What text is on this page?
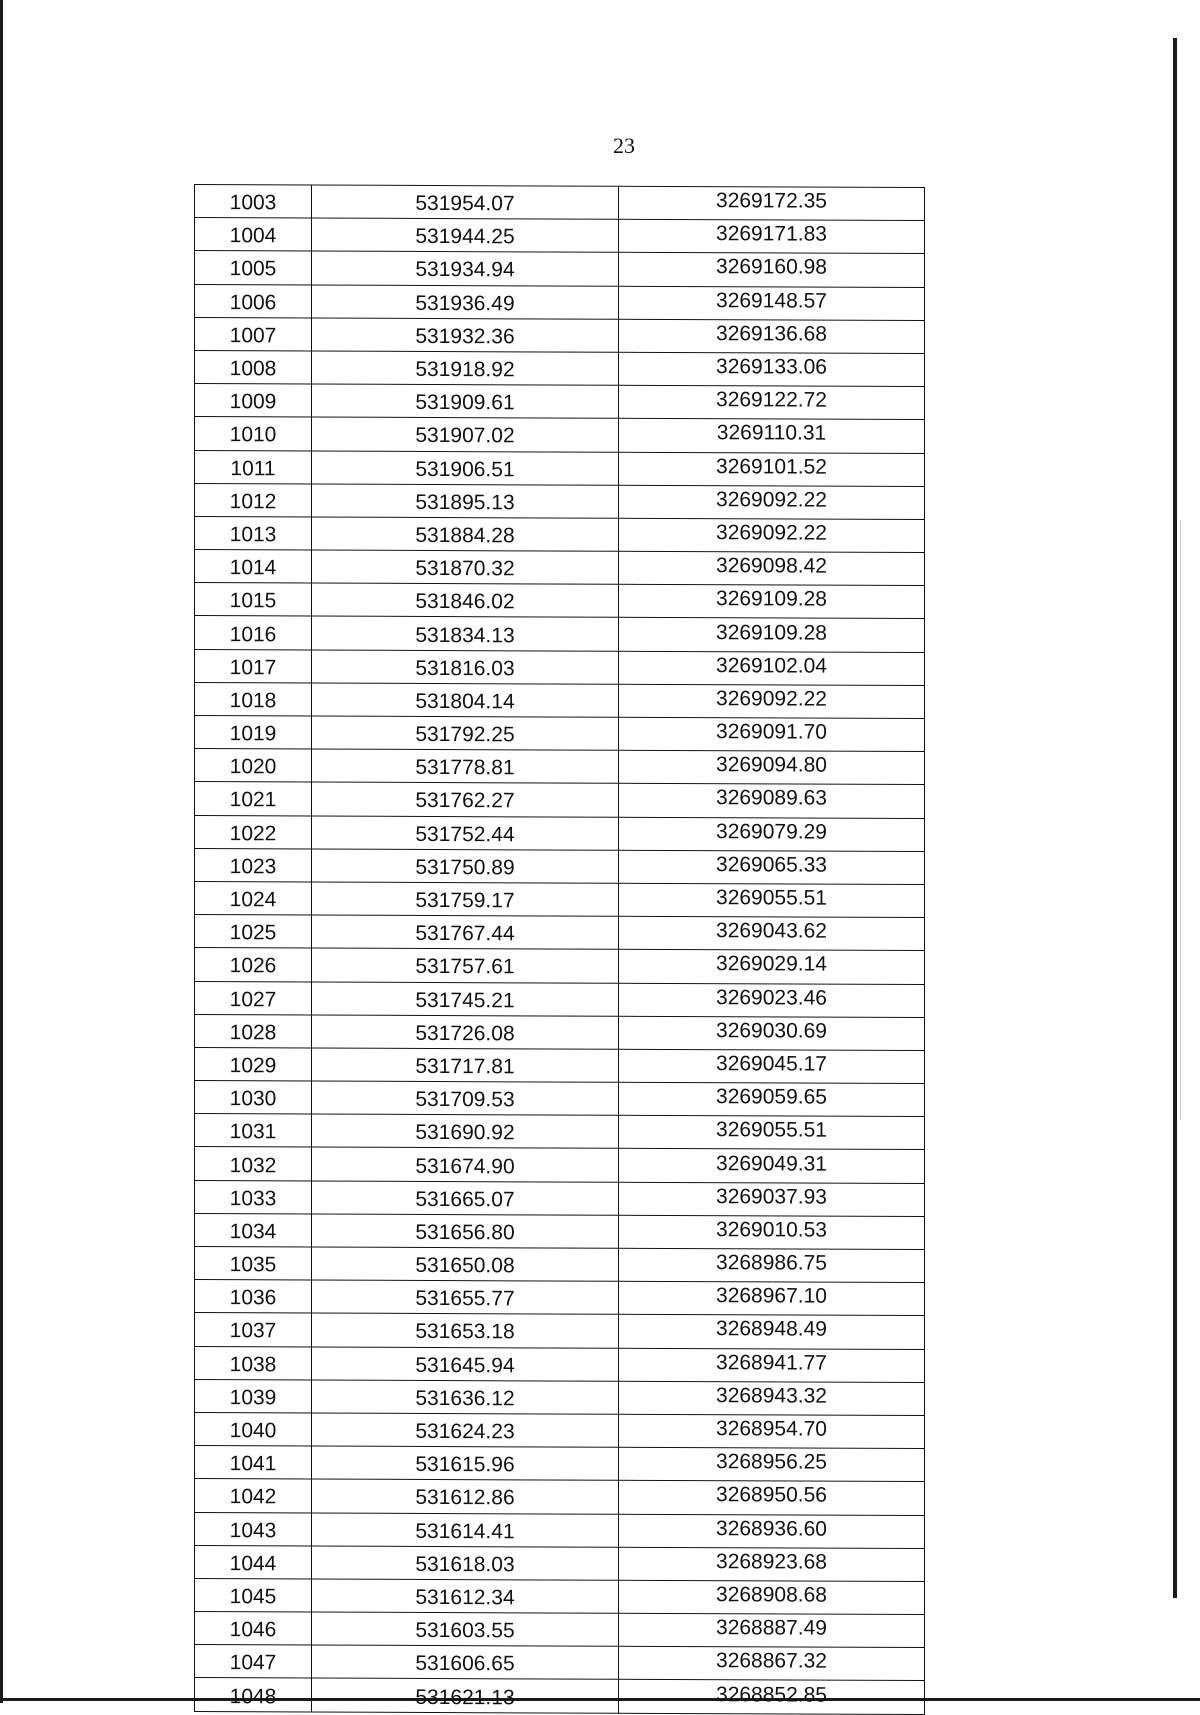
23
1003	531954.07	3269172.35
1004	531944.25	3269171.83
1005	531934.94	3269160.98
1006	531936.49	3269148.57
1007	531932.36	3269136.68
1008	531918.92	3269133.06
1009	531909.61	3269122.72
1010	531907.02	3269110.31
1011	531906.51	3269101.52
1012	531895.13	3269092.22
1013	531884.28	3269092.22
1014	531870.32	3269098.42
1015	531846.02	3269109.28
1016	531834.13	3269109.28
1017	531816.03	3269102.04
1018	531804.14	3269092.22
1019	531792.25	3269091.70
1020	531778.81	3269094.80
1021	531762.27	3269089.63
1022	531752.44	3269079.29
1023	531750.89	3269065.33
1024	531759.17	3269055.51
1025	531767.44	3269043.62
1026	531757.61	3269029.14
1027	531745.21	3269023.46
1028	531726.08	3269030.69
1029	531717.81	3269045.17
1030	531709.53	3269059.65
1031	531690.92	3269055.51
1032	531674.90	3269049.31
1033	531665.07	3269037.93
1034	531656.80	3269010.53
1035	531650.08	3268986.75
1036	531655.77	3268967.10
1037	531653.18	3268948.49
1038	531645.94	3268941.77
1039	531636.12	3268943.32
1040	531624.23	3268954.70
1041	531615.96	3268956.25
1042	531612.86	3268950.56
1043	531614.41	3268936.60
1044	531618.03	3268923.68
1045	531612.34	3268908.68
1046	531603.55	3268887.49
1047	531606.65	3268867.32
1048	531621.13	3268852.85
